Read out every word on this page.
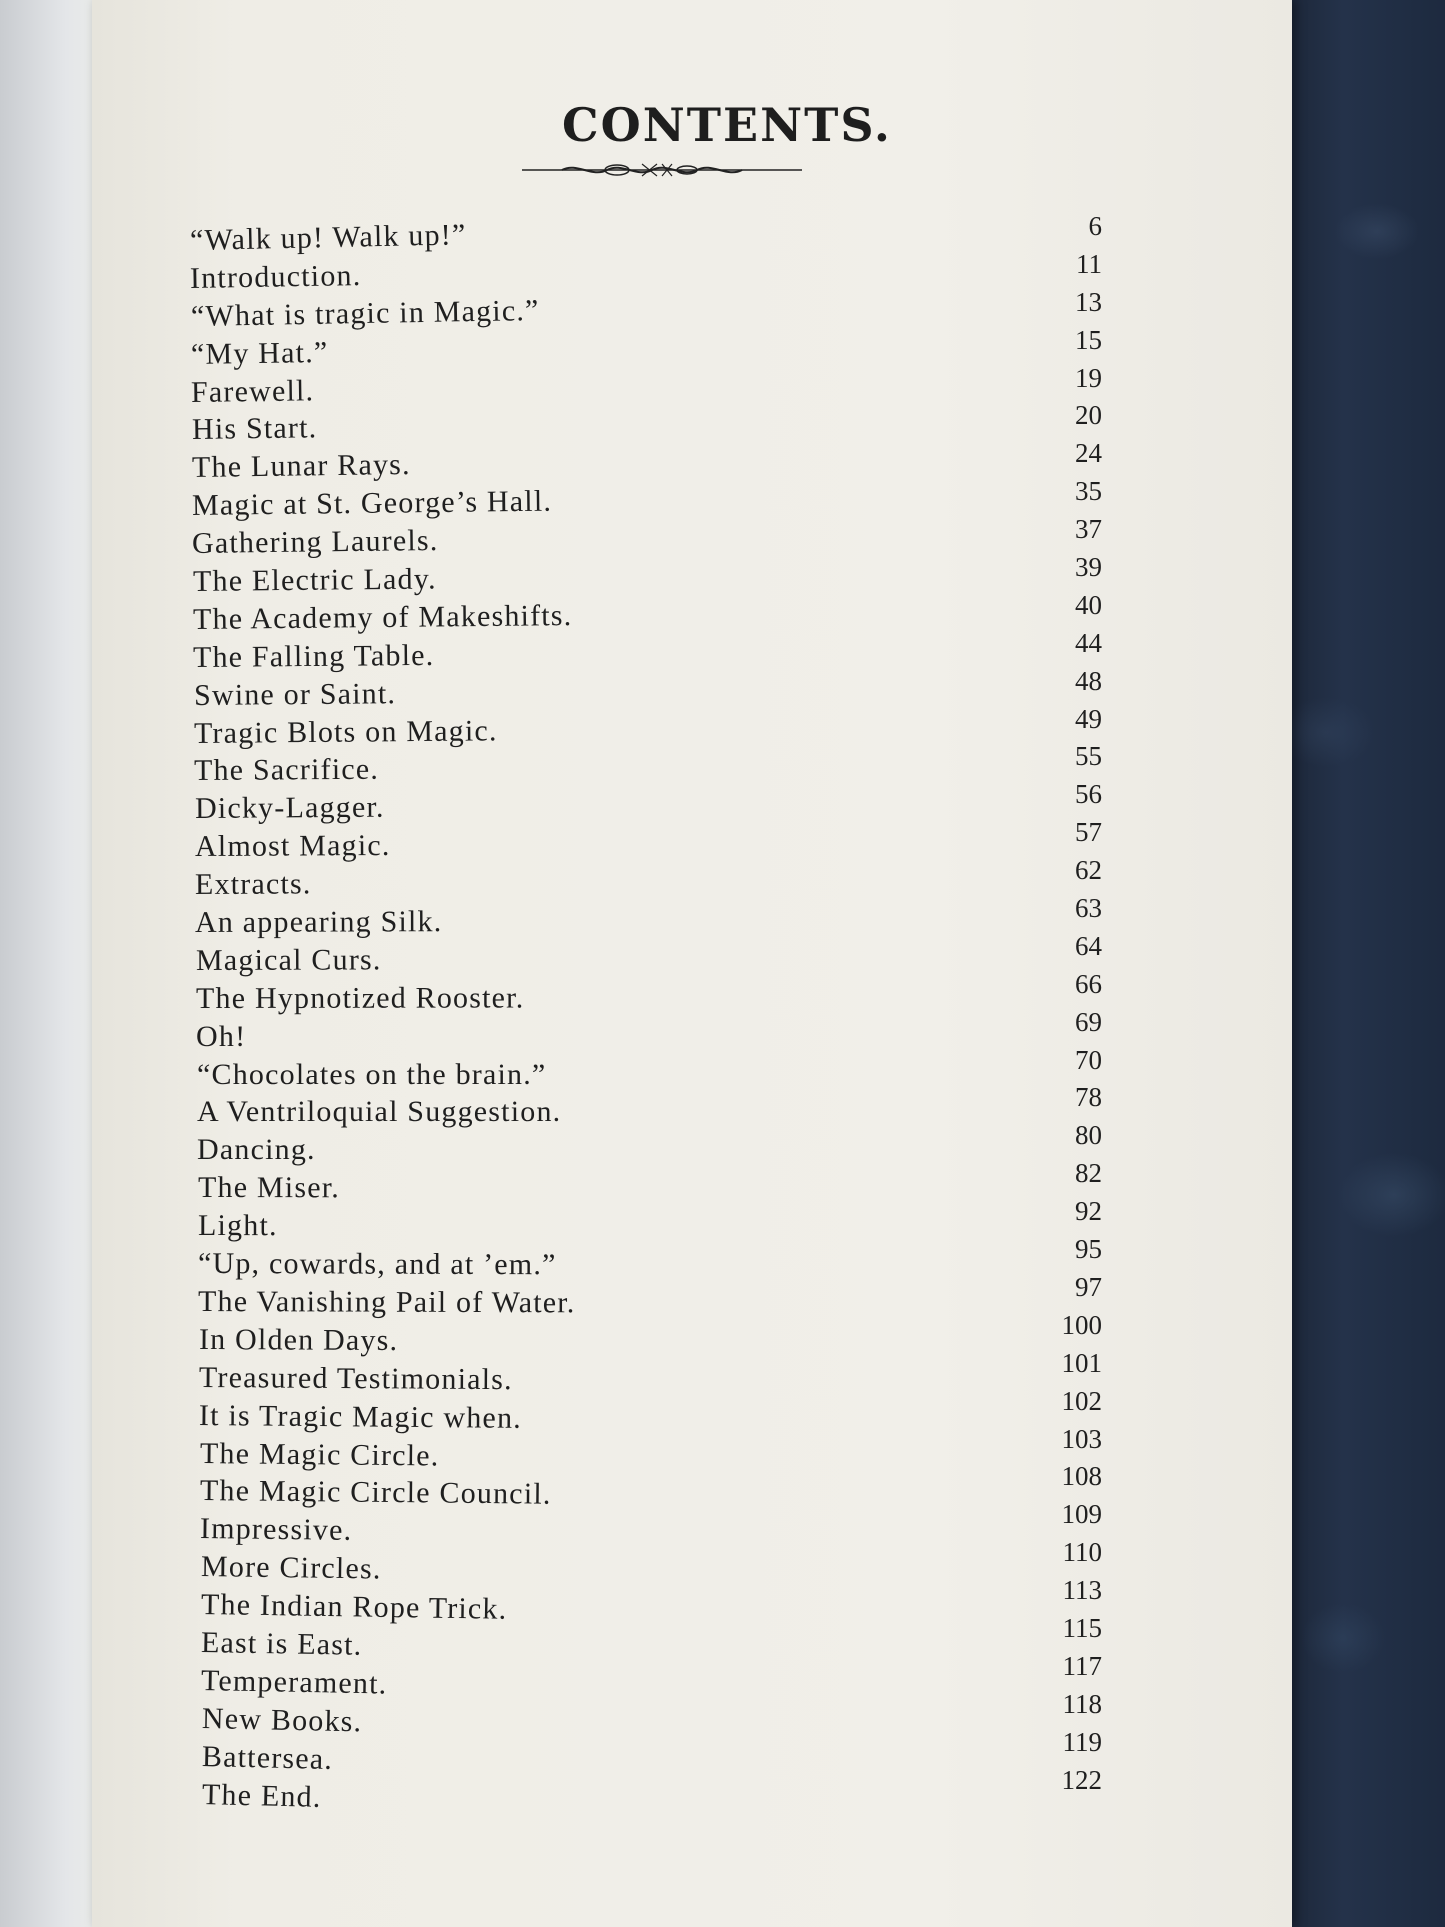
CONTENTS.
“Walk up! Walk up!”	6
Introduction.	11
“What is tragic in Magic.”	13
“My Hat.”	15
Farewell.	19
His Start.	20
The Lunar Rays.	24
Magic at St. George’s Hall.	35
Gathering Laurels.	37
The Electric Lady.	39
The Academy of Makeshifts.	40
The Falling Table.	44
Swine or Saint.	48
Tragic Blots on Magic.	49
The Sacrifice.	55
Dicky-Lagger.	56
Almost Magic.	57
Extracts.	62
An appearing Silk.	63
Magical Curs.	64
The Hypnotized Rooster.	66
Oh!	69
“Chocolates on the brain.”	70
A Ventriloquial Suggestion.	78
Dancing.	80
The Miser.	82
Light.	92
“Up, cowards, and at ’em.”	95
The Vanishing Pail of Water.	97
In Olden Days.	100
Treasured Testimonials.	101
It is Tragic Magic when.	102
The Magic Circle.	103
The Magic Circle Council.	108
Impressive.	109
More Circles.	110
The Indian Rope Trick.	113
East is East.	115
Temperament.	117
New Books.	118
Battersea.	119
The End.	122
